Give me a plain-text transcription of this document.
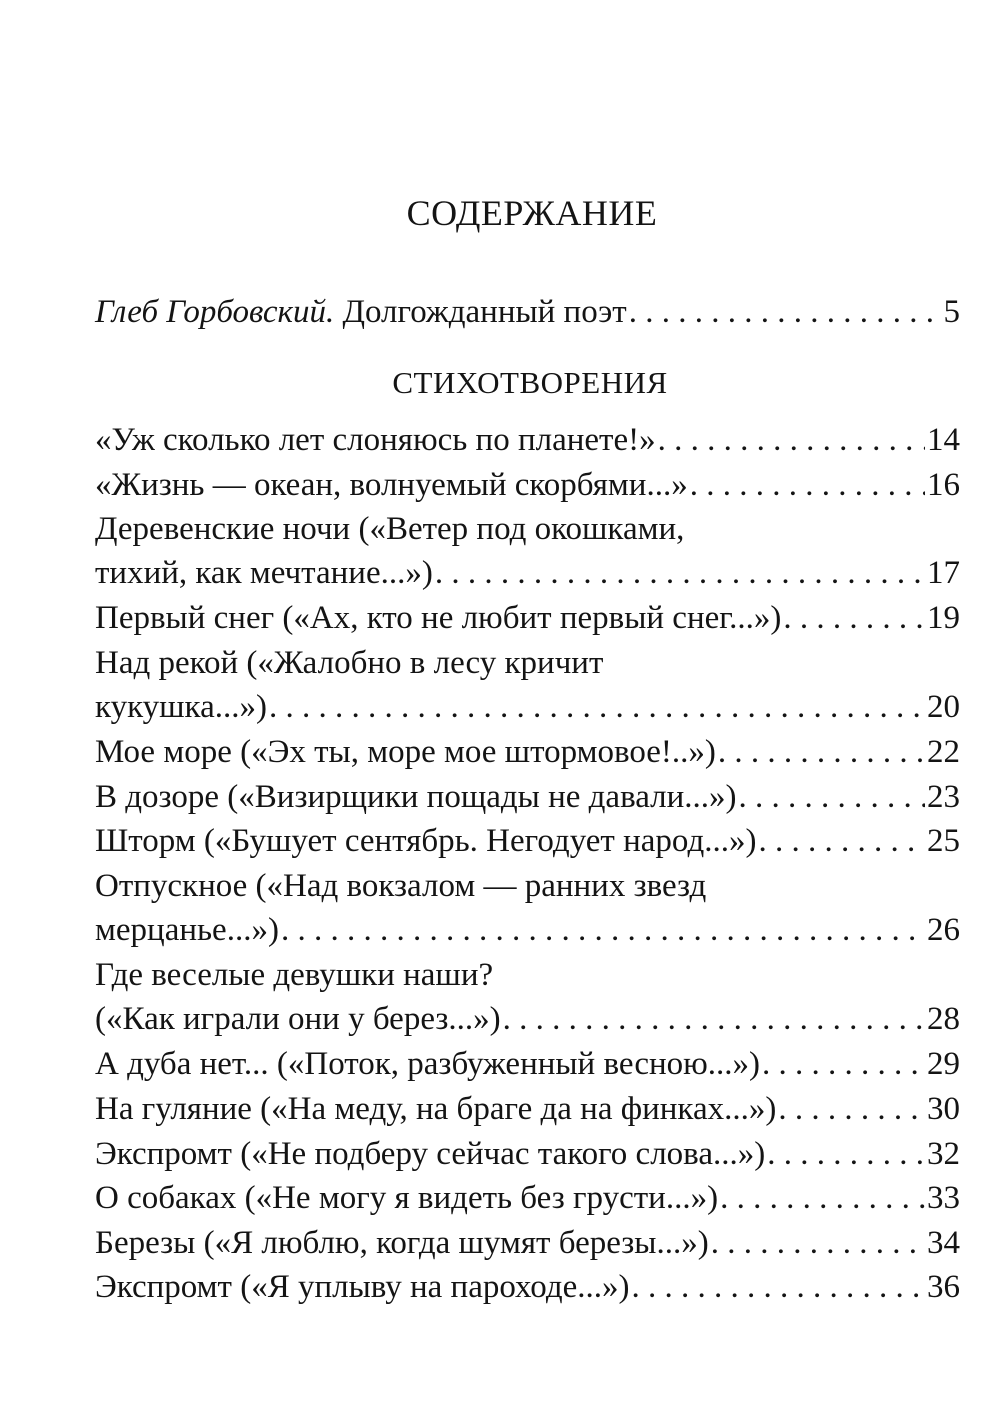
СОДЕРЖАНИЕ
Глеб Горбовский. Долгожданный поэт . . .	5
СТИХОТВОРЕНИЯ
«Уж сколько лет слоняюсь по планете!» . . .	14
«Жизнь — океан, волнуемый скорбями...» . . .	16
Деревенские ночи («Ветер под окошками,
тихий, как мечтание...») . . .	17
Первый снег («Ах, кто не любит первый снег...») . . .	19
Над рекой («Жалобно в лесу кричит
кукушка...») . . .	20
Мое море («Эх ты, море мое штормовое!..») . . .	22
В дозоре («Визирщики пощады не давали...») . . .	23
Шторм («Бушует сентябрь. Негодует народ...») . . .	25
Отпускное («Над вокзалом — ранних звезд
мерцанье...») . . .	26
Где веселые девушки наши?
(«Как играли они у берез...») . . .	28
А дуба нет... («Поток, разбуженный весною...») . . .	29
На гуляние («На меду, на браге да на финках...») . . .	30
Экспромт («Не подберу сейчас такого слова...») . . .	32
О собаках («Не могу я видеть без грусти...») . . .	33
Березы («Я люблю, когда шумят березы...») . . .	34
Экспромт («Я уплыву на пароходе...») . . .	36
